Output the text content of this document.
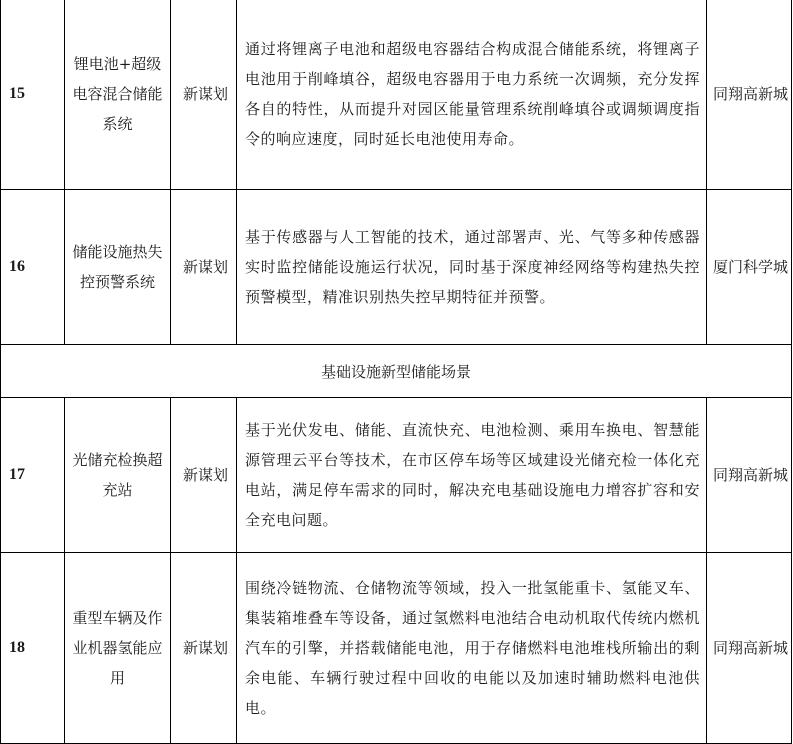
15	锂电池+超级电容混合储能系统	新谋划	通过将锂离子电池和超级电容器结合构成混合储能系统，将锂离子电池用于削峰填谷，超级电容器用于电力系统一次调频，充分发挥各自的特性，从而提升对园区能量管理系统削峰填谷或调频调度指令的响应速度，同时延长电池使用寿命。	同翔高新城
16	储能设施热失控预警系统	新谋划	基于传感器与人工智能的技术，通过部署声、光、气等多种传感器实时监控储能设施运行状况，同时基于深度神经网络等构建热失控预警模型，精准识别热失控早期特征并预警。	厦门科学城
基础设施新型储能场景				
17	光储充检换超充站	新谋划	基于光伏发电、储能、直流快充、电池检测、乘用车换电、智慧能源管理云平台等技术，在市区停车场等区域建设光储充检一体化充电站，满足停车需求的同时，解决充电基础设施电力增容扩容和安全充电问题。	同翔高新城
18	重型车辆及作业机器氢能应用	新谋划	围绕冷链物流、仓储物流等领域，投入一批氢能重卡、氢能叉车、集装箱堆叠车等设备，通过氢燃料电池结合电动机取代传统内燃机汽车的引擎，并搭载储能电池，用于存储燃料电池堆栈所输出的剩余电能、车辆行驶过程中回收的电能以及加速时辅助燃料电池供电。	同翔高新城
